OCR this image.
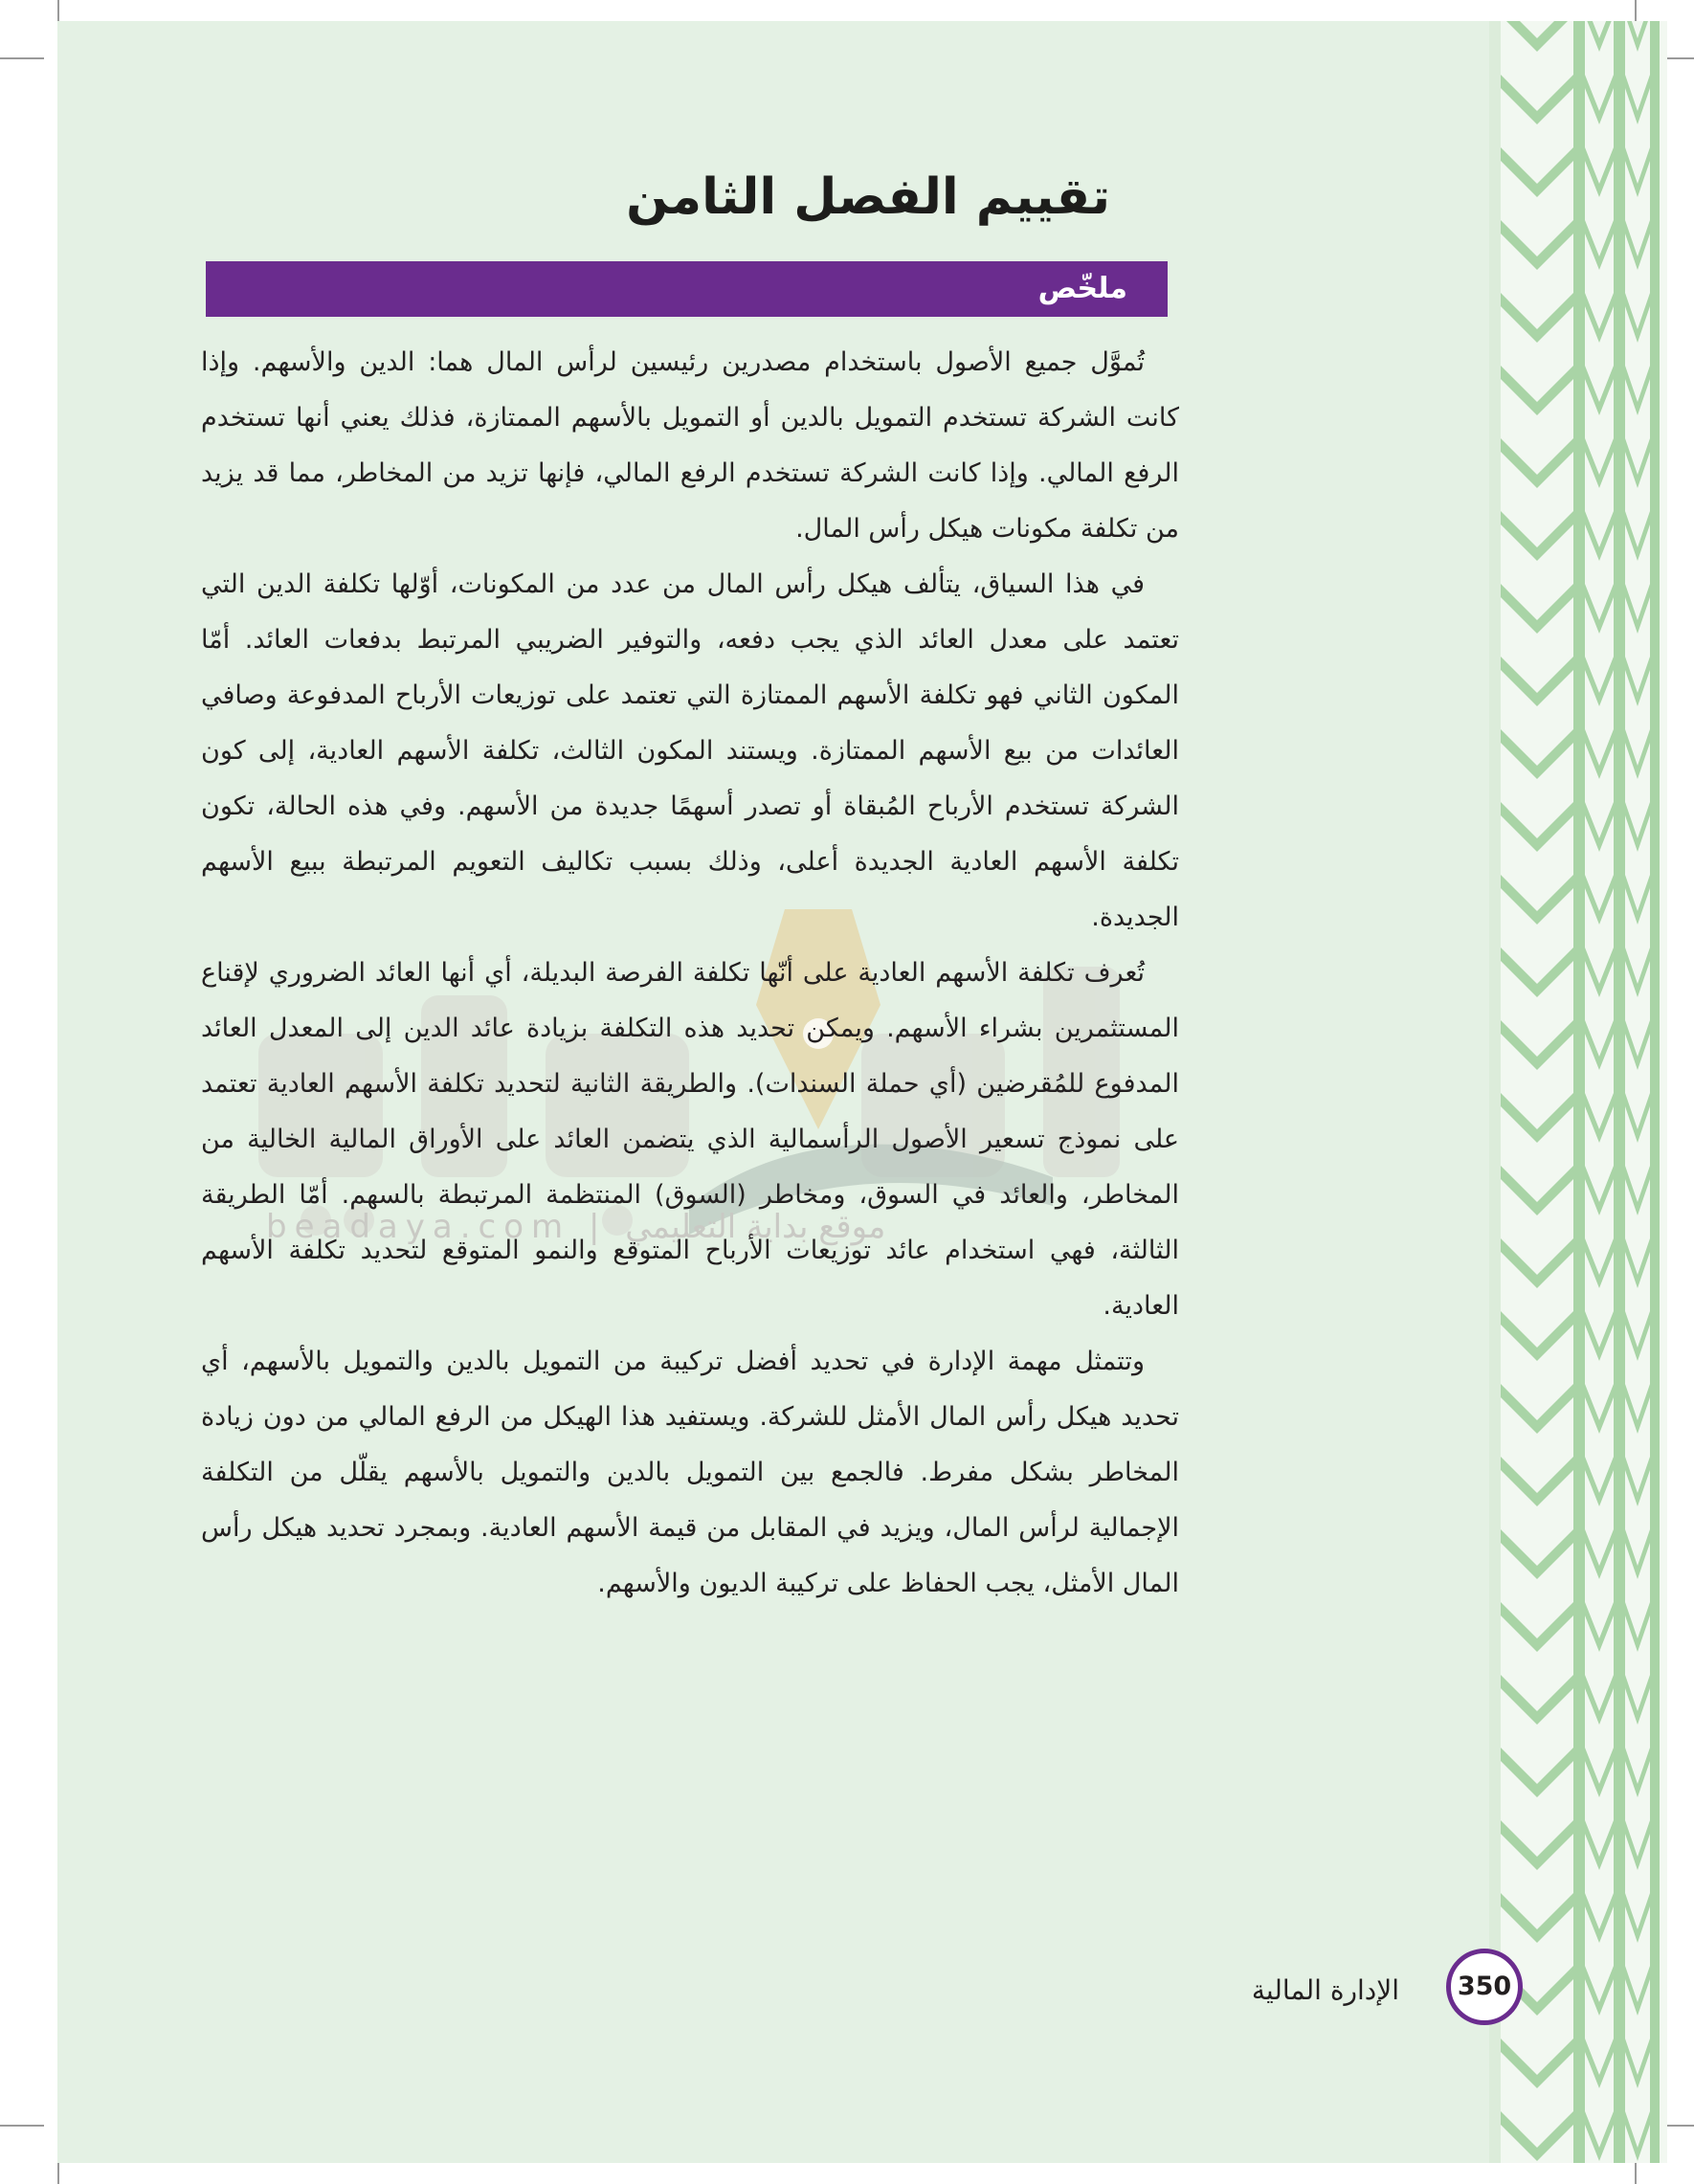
تقييم الفصل الثامن
ملخّص
beadaya.com | موقع بداية التعليمي

تُموَّل جميع الأصول باستخدام مصدرين رئيسين لرأس المال هما: الدين والأسهم. وإذا كانت الشركة تستخدم التمويل بالدين أو التمويل بالأسهم الممتازة، فذلك يعني أنها تستخدم الرفع المالي. وإذا كانت الشركة تستخدم الرفع المالي، فإنها تزيد من المخاطر، مما قد يزيد من تكلفة مكونات هيكل رأس المال.

في هذا السياق، يتألف هيكل رأس المال من عدد من المكونات، أوّلها تكلفة الدين التي تعتمد على معدل العائد الذي يجب دفعه، والتوفير الضريبي المرتبط بدفعات العائد. أمّا المكون الثاني فهو تكلفة الأسهم الممتازة التي تعتمد على توزيعات الأرباح المدفوعة وصافي العائدات من بيع الأسهم الممتازة. ويستند المكون الثالث، تكلفة الأسهم العادية، إلى كون الشركة تستخدم الأرباح المُبقاة أو تصدر أسهمًا جديدة من الأسهم. وفي هذه الحالة، تكون تكلفة الأسهم العادية الجديدة أعلى، وذلك بسبب تكاليف التعويم المرتبطة ببيع الأسهم الجديدة.

تُعرف تكلفة الأسهم العادية على أنّها تكلفة الفرصة البديلة، أي أنها العائد الضروري لإقناع المستثمرين بشراء الأسهم. ويمكن تحديد هذه التكلفة بزيادة عائد الدين إلى المعدل العائد المدفوع للمُقرضين (أي حملة السندات). والطريقة الثانية لتحديد تكلفة الأسهم العادية تعتمد على نموذج تسعير الأصول الرأسمالية الذي يتضمن العائد على الأوراق المالية الخالية من المخاطر، والعائد في السوق، ومخاطر (السوق) المنتظمة المرتبطة بالسهم. أمّا الطريقة الثالثة، فهي استخدام عائد توزيعات الأرباح المتوقع والنمو المتوقع لتحديد تكلفة الأسهم العادية.

وتتمثل مهمة الإدارة في تحديد أفضل تركيبة من التمويل بالدين والتمويل بالأسهم، أي تحديد هيكل رأس المال الأمثل للشركة. ويستفيد هذا الهيكل من الرفع المالي من دون زيادة المخاطر بشكل مفرط. فالجمع بين التمويل بالدين والتمويل بالأسهم يقلّل من التكلفة الإجمالية لرأس المال، ويزيد في المقابل من قيمة الأسهم العادية. وبمجرد تحديد هيكل رأس المال الأمثل، يجب الحفاظ على تركيبة الديون والأسهم.

الإدارة المالية	350
